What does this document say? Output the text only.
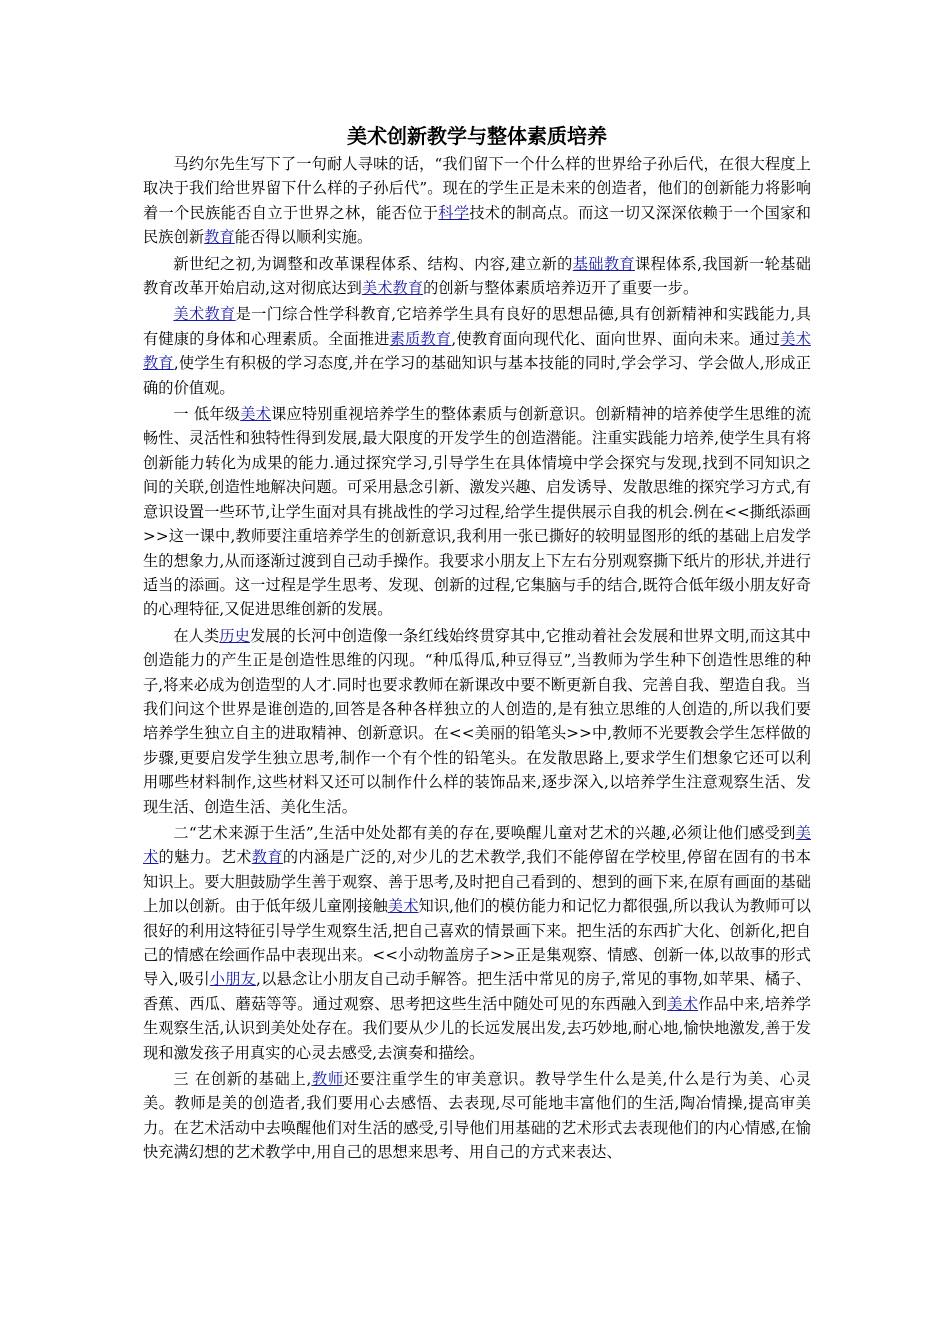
美术创新教学与整体素质培养

马约尔先生写下了一句耐人寻味的话，“我们留下一个什么样的世界给子孙后代，在很大程度上取决于我们给世界留下什么样的子孙后代”。现在的学生正是未来的创造者，他们的创新能力将影响着一个民族能否自立于世界之林，能否位于科学技术的制高点。而这一切又深深依赖于一个国家和民族创新教育能否得以顺利实施。

新世纪之初,为调整和改革课程体系、结构、内容,建立新的基础教育课程体系,我国新一轮基础教育改革开始启动,这对彻底达到美术教育的创新与整体素质培养迈开了重要一步。

美术教育是一门综合性学科教育,它培养学生具有良好的思想品德,具有创新精神和实践能力,具有健康的身体和心理素质。全面推进素质教育,使教育面向现代化、面向世界、面向未来。通过美术教育,使学生有积极的学习态度,并在学习的基础知识与基本技能的同时,学会学习、学会做人,形成正确的价值观。

一 低年级美术课应特别重视培养学生的整体素质与创新意识。创新精神的培养使学生思维的流畅性、灵活性和独特性得到发展,最大限度的开发学生的创造潜能。注重实践能力培养,使学生具有将创新能力转化为成果的能力.通过探究学习,引导学生在具体情境中学会探究与发现,找到不同知识之间的关联,创造性地解决问题。可采用悬念引新、激发兴趣、启发诱导、发散思维的探究学习方式,有意识设置一些环节,让学生面对具有挑战性的学习过程,给学生提供展示自我的机会.例在<<撕纸添画>>这一课中,教师要注重培养学生的创新意识,我利用一张已撕好的较明显图形的纸的基础上启发学生的想象力,从而逐渐过渡到自己动手操作。我要求小朋友上下左右分别观察撕下纸片的形状,并进行适当的添画。这一过程是学生思考、发现、创新的过程,它集脑与手的结合,既符合低年级小朋友好奇的心理特征,又促进思维创新的发展。

在人类历史发展的长河中创造像一条红线始终贯穿其中,它推动着社会发展和世界文明,而这其中创造能力的产生正是创造性思维的闪现。“种瓜得瓜,种豆得豆”,当教师为学生种下创造性思维的种子,将来必成为创造型的人才.同时也要求教师在新课改中要不断更新自我、完善自我、塑造自我。当我们问这个世界是谁创造的,回答是各种各样独立的人创造的,是有独立思维的人创造的,所以我们要培养学生独立自主的进取精神、创新意识。在<<美丽的铅笔头>>中,教师不光要教会学生怎样做的步骤,更要启发学生独立思考,制作一个有个性的铅笔头。在发散思路上,要求学生们想象它还可以利用哪些材料制作,这些材料又还可以制作什么样的装饰品来,逐步深入,以培养学生注意观察生活、发现生活、创造生活、美化生活。

二“艺术来源于生活”,生活中处处都有美的存在,要唤醒儿童对艺术的兴趣,必须让他们感受到美术的魅力。艺术教育的内涵是广泛的,对少儿的艺术教学,我们不能停留在学校里,停留在固有的书本知识上。要大胆鼓励学生善于观察、善于思考,及时把自己看到的、想到的画下来,在原有画面的基础上加以创新。由于低年级儿童刚接触美术知识,他们的模仿能力和记忆力都很强,所以我认为教师可以很好的利用这特征引导学生观察生活,把自己喜欢的情景画下来。把生活的东西扩大化、创新化,把自己的情感在绘画作品中表现出来。<<小动物盖房子>>正是集观察、情感、创新一体,以故事的形式导入,吸引小朋友,以悬念让小朋友自己动手解答。把生活中常见的房子,常见的事物,如苹果、橘子、香蕉、西瓜、蘑菇等等。通过观察、思考把这些生活中随处可见的东西融入到美术作品中来,培养学生观察生活,认识到美处处存在。我们要从少儿的长远发展出发,去巧妙地,耐心地,愉快地激发,善于发现和激发孩子用真实的心灵去感受,去演奏和描绘。

三 在创新的基础上,教师还要注重学生的审美意识。教导学生什么是美,什么是行为美、心灵美。教师是美的创造者,我们要用心去感悟、去表现,尽可能地丰富他们的生活,陶冶情操,提高审美力。在艺术活动中去唤醒他们对生活的感受,引导他们用基础的艺术形式去表现他们的内心情感,在愉快充满幻想的艺术教学中,用自己的思想来思考、用自己的方式来表达、
